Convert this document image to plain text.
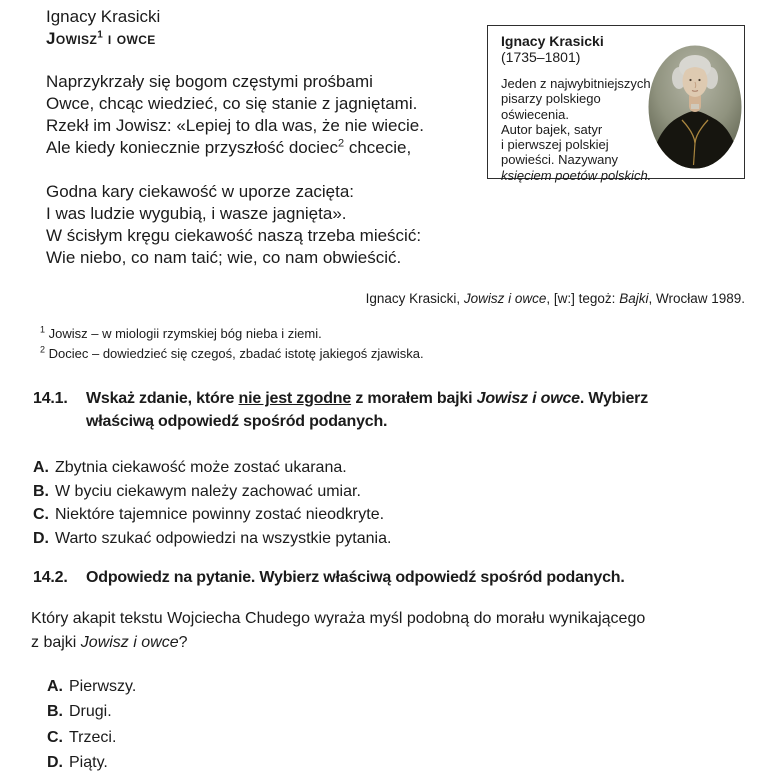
Ignacy Krasicki
Jowisz$^1$ i owce	Ignacy Krasicki
(1735–1801)
Jeden z najwybitniejszych
pisarzy polskiego
oświecenia.
Autor bajek, satyr
i pierwszej polskiej
powieści. Nazywany
księciem poetów polskich.
Naprzykrzały się bogom częstymi prośbami
Owce, chcąc wiedzieć, co się stanie z jagniętami.
Rzekł im Jowisz: «Lepiej to dla was, że nie wiecie.
Ale kiedy koniecznie przyszłość dociec$^2$ chcecie,
Godna kary ciekawość w uporze zacięta:
I was ludzie wygubią, i wasze jagnięta».
W ścisłym kręgu ciekawość naszą trzeba mieścić:
Wie niebo, co nam taić; wie, co nam obwieścić.
Ignacy Krasicki, Jowisz i owce, [w:] tegoż: Bajki, Wrocław 1989.
$^1$ Jowisz – w miologii rzymskiej bóg nieba i ziemi.
$^2$ Dociec – dowiedzieć się czegoś, zbadać istotę jakiegoś zjawiska.
14.1. Wskaż zdanie, które nie jest zgodne z morałem bajki Jowisz i owce. Wybierz
właściwą odpowiedź spośród podanych.
A. Zbytnia ciekawość może zostać ukarana.
B. W byciu ciekawym należy zachować umiar.
C. Niektóre tajemnice powinny zostać nieodkryte.
D. Warto szukać odpowiedzi na wszystkie pytania.
14.2. Odpowiedz na pytanie. Wybierz właściwą odpowiedź spośród podanych.
Który akapit tekstu Wojciecha Chudego wyraża myśl podobną do morału wynikającego
z bajki Jowisz i owce?
A. Pierwszy.
B. Drugi.
C. Trzeci.
D. Piąty.
